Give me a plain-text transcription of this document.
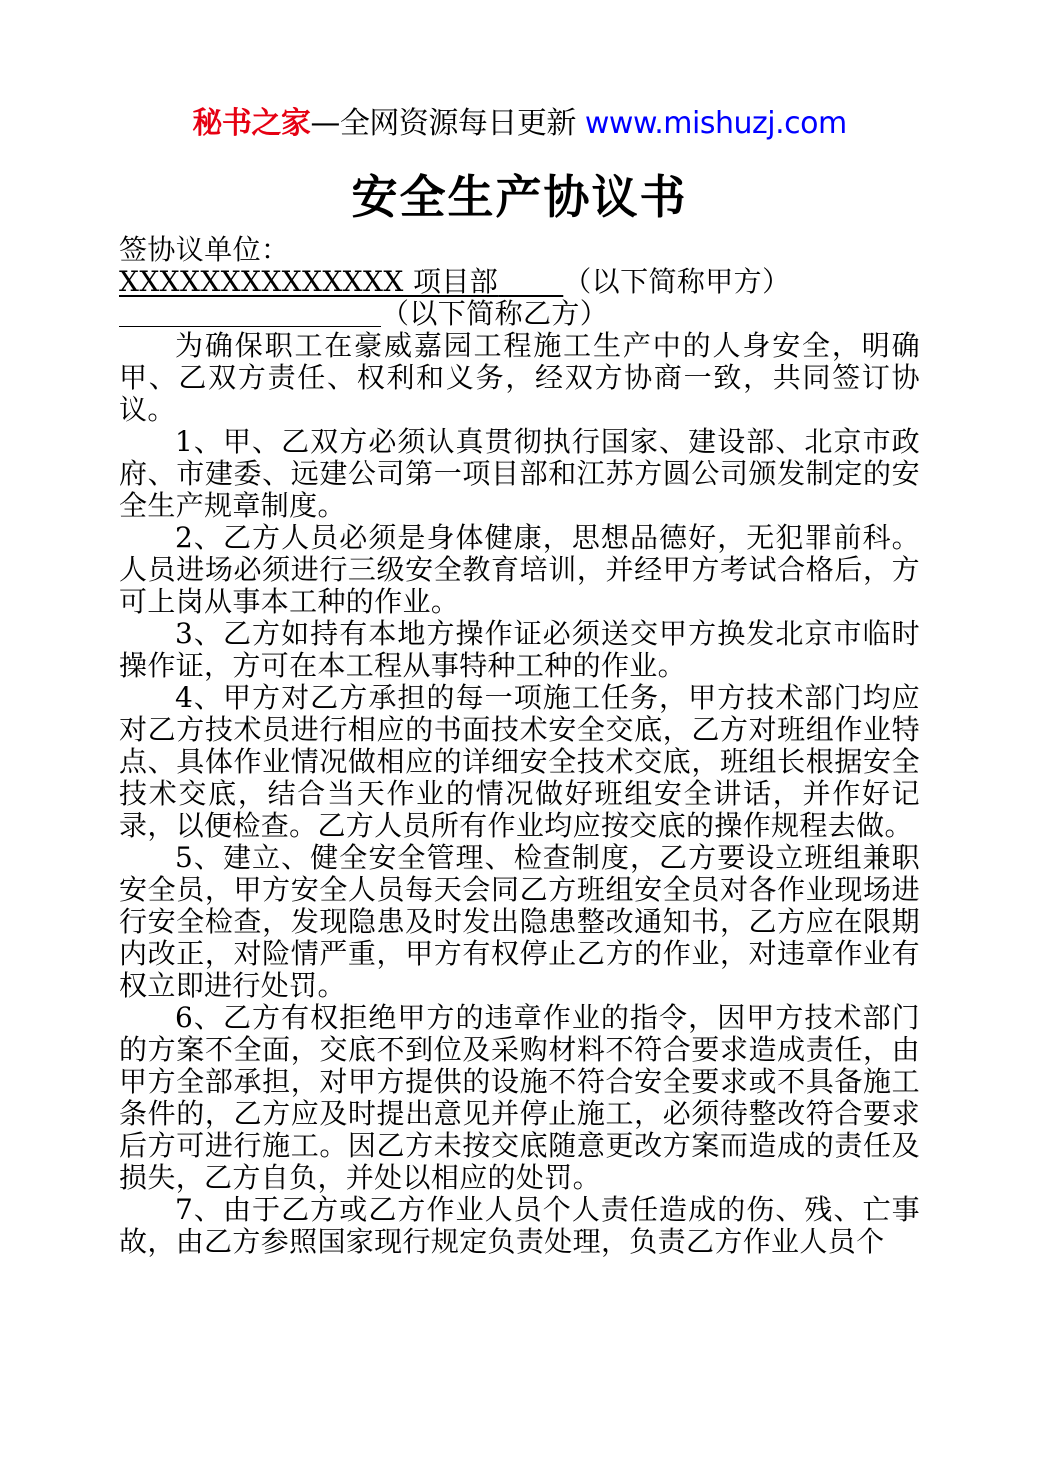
秘书之家—全网资源每日更新 www.mishuzj.com
安全生产协议书
签协议单位：
XXXXXXXXXXXXXX 项目部 （以下简称甲方）
（以下简称乙方）

为确保职工在豪威嘉园工程施工生产中的人身安全，明确甲、乙双方责任、权利和义务，经双方协商一致，共同签订协议。

1、甲、乙双方必须认真贯彻执行国家、建设部、北京市政府、市建委、远建公司第一项目部和江苏方圆公司颁发制定的安全生产规章制度。

2、乙方人员必须是身体健康，思想品德好，无犯罪前科。人员进场必须进行三级安全教育培训，并经甲方考试合格后，方可上岗从事本工种的作业。

3、乙方如持有本地方操作证必须送交甲方换发北京市临时操作证，方可在本工程从事特种工种的作业。

4、甲方对乙方承担的每一项施工任务，甲方技术部门均应对乙方技术员进行相应的书面技术安全交底，乙方对班组作业特点、具体作业情况做相应的详细安全技术交底，班组长根据安全技术交底，结合当天作业的情况做好班组安全讲话，并作好记录，以便检查。乙方人员所有作业均应按交底的操作规程去做。

5、建立、健全安全管理、检查制度，乙方要设立班组兼职安全员，甲方安全人员每天会同乙方班组安全员对各作业现场进行安全检查，发现隐患及时发出隐患整改通知书，乙方应在限期内改正，对险情严重，甲方有权停止乙方的作业，对违章作业有权立即进行处罚。

6、乙方有权拒绝甲方的违章作业的指令，因甲方技术部门的方案不全面，交底不到位及采购材料不符合要求造成责任，由甲方全部承担，对甲方提供的设施不符合安全要求或不具备施工条件的，乙方应及时提出意见并停止施工，必须待整改符合要求后方可进行施工。因乙方未按交底随意更改方案而造成的责任及损失，乙方自负，并处以相应的处罚。

7、由于乙方或乙方作业人员个人责任造成的伤、残、亡事故，由乙方参照国家现行规定负责处理，负责乙方作业人员个
